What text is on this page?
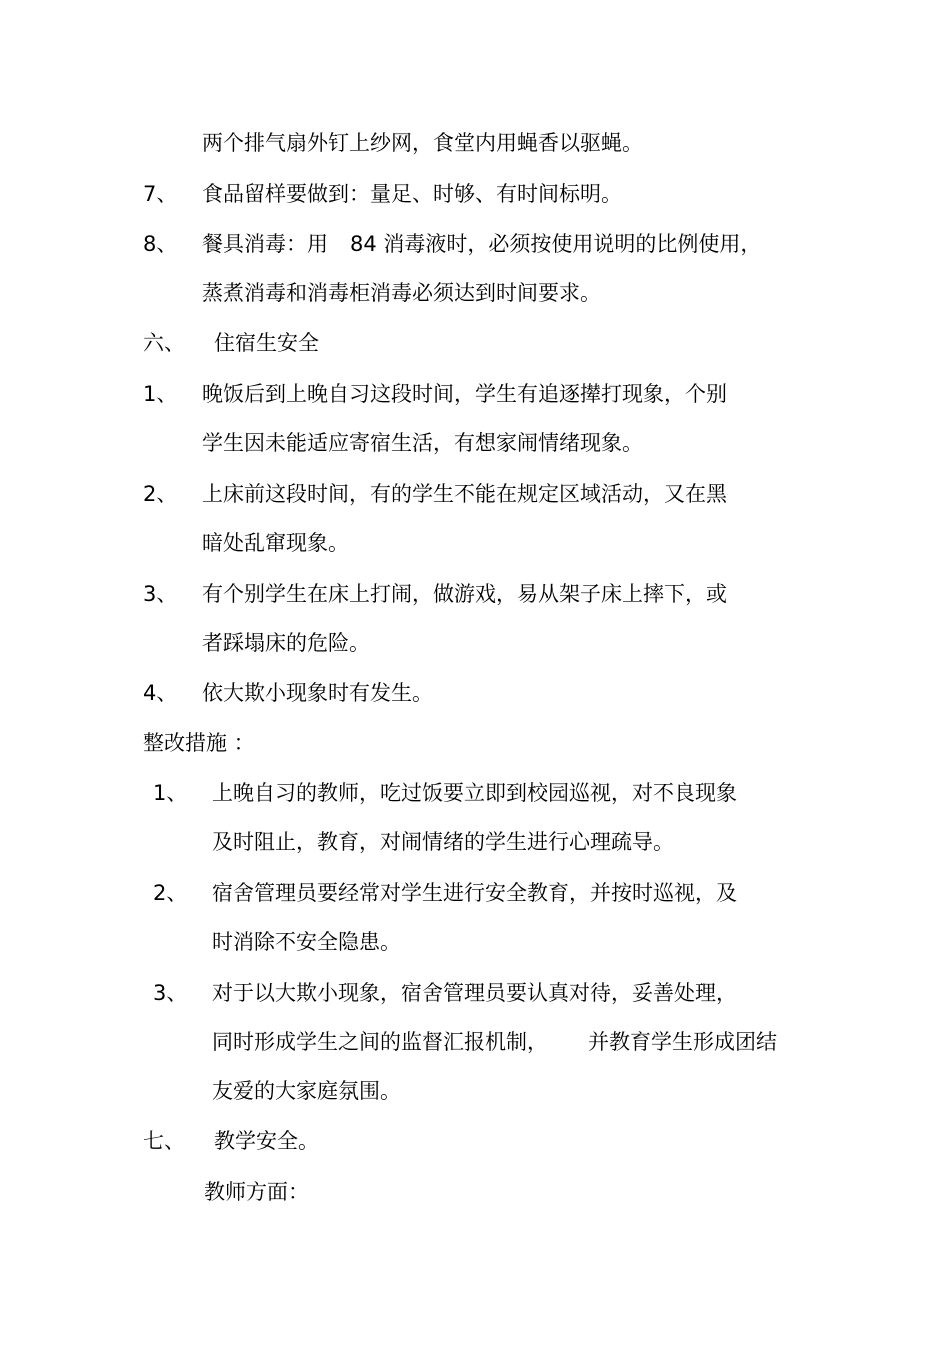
两个排气扇外钉上纱网，食堂内用蝇香以驱蝇。
7、 食品留样要做到：量足、时够、有时间标明。
8、 餐具消毒：用 84 消毒液时，必须按使用说明的比例使用，
蒸煮消毒和消毒柜消毒必须达到时间要求。
六、 住宿生安全
1、 晚饭后到上晚自习这段时间，学生有追逐撵打现象，个别
学生因未能适应寄宿生活，有想家闹情绪现象。
2、 上床前这段时间，有的学生不能在规定区域活动，又在黑
暗处乱窜现象。
3、 有个别学生在床上打闹，做游戏，易从架子床上摔下，或
者踩塌床的危险。
4、 依大欺小现象时有发生。
整改措施 ：
1、 上晚自习的教师，吃过饭要立即到校园巡视，对不良现象
及时阻止，教育，对闹情绪的学生进行心理疏导。
2、 宿舍管理员要经常对学生进行安全教育，并按时巡视，及
时消除不安全隐患。
3、 对于以大欺小现象，宿舍管理员要认真对待，妥善处理，
同时形成学生之间的监督汇报机制， 并教育学生形成团结
友爱的大家庭氛围。
七、 教学安全。
教师方面：
